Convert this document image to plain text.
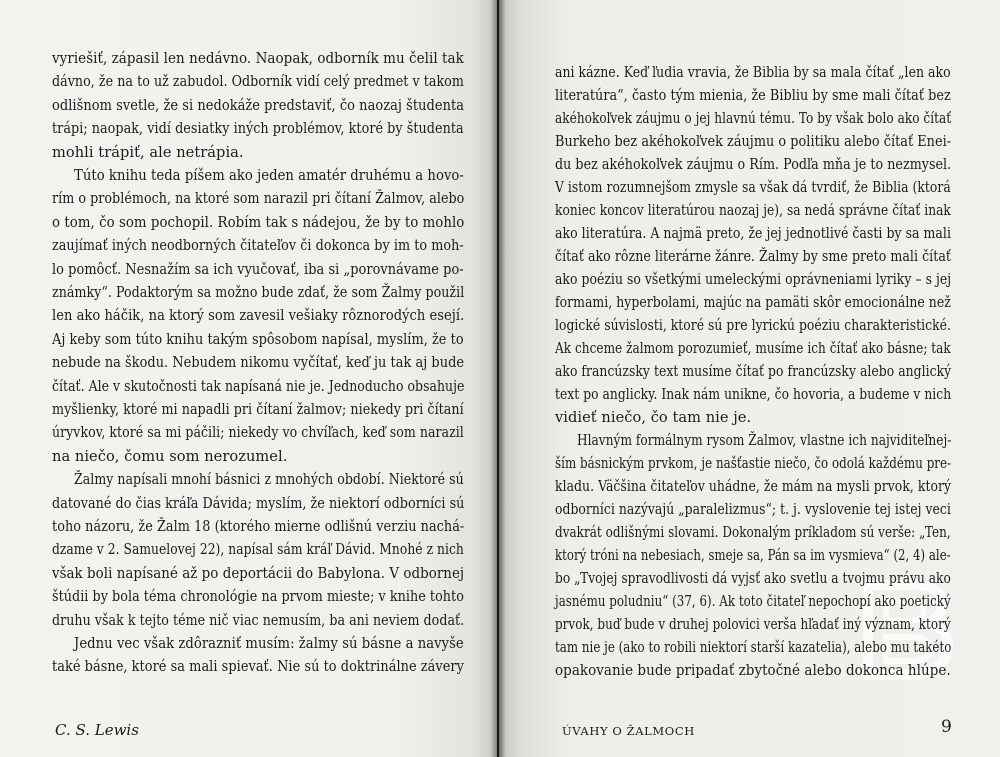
C. S. Lewis
vyriešiť, zápasil len nedávno. Naopak, odborník mu čelil tak
dávno, že na to už zabudol. Odborník vidí celý predmet v takom
odlišnom svetle, že si nedokáže predstaviť, čo naozaj študenta
trápi; naopak, vidí desiatky iných problémov, ktoré by študenta
mohli trápiť, ale netrápia.
Túto knihu teda píšem ako jeden amatér druhému a hovo-
rím o problémoch, na ktoré som narazil pri čítaní Žalmov, alebo
o tom, čo som pochopil. Robím tak s nádejou, že by to mohlo
zaujímať iných neodborných čitateľov či dokonca by im to moh-
lo pomôcť. Nesnažím sa ich vyučovať, iba si „porovnávame po-
známky“. Podaktorým sa možno bude zdať, že som Žalmy použil
len ako háčik, na ktorý som zavesil vešiaky rôznorodých esejí.
Aj keby som túto knihu takým spôsobom napísal, myslím, že to
nebude na škodu. Nebudem nikomu vyčítať, keď ju tak aj bude
čítať. Ale v skutočnosti tak napísaná nie je. Jednoducho obsahuje
myšlienky, ktoré mi napadli pri čítaní žalmov; niekedy pri čítaní
úryvkov, ktoré sa mi páčili; niekedy vo chvíľach, keď som narazil
na niečo, čomu som nerozumel.
Žalmy napísali mnohí básnici z mnohých období. Niektoré sú
datované do čias kráľa Dávida; myslím, že niektorí odborníci sú
toho názoru, že Žalm 18 (ktorého mierne odlišnú verziu nachá-
dzame v 2. Samuelovej 22), napísal sám kráľ Dávid. Mnohé z nich
však boli napísané až po deportácii do Babylona. V odbornej
štúdii by bola téma chronológie na prvom mieste; v knihe tohto
druhu však k tejto téme nič viac nemusím, ba ani neviem dodať.
Jednu vec však zdôrazniť musím: žalmy sú básne a navyše
také básne, ktoré sa mali spievať. Nie sú to doktrinálne závery
ÚVAHY O ŽALMOCH	9
ani kázne. Keď ľudia vravia, že Biblia by sa mala čítať „len ako
literatúra“, často tým mienia, že Bibliu by sme mali čítať bez
akéhokoľvek záujmu o jej hlavnú tému. To by však bolo ako čítať
Burkeho bez akéhokoľvek záujmu o politiku alebo čítať Enei-
du bez akéhokoľvek záujmu o Rím. Podľa mňa je to nezmysel.
V istom rozumnejšom zmysle sa však dá tvrdiť, že Biblia (ktorá
koniec koncov literatúrou naozaj je), sa nedá správne čítať inak
ako literatúra. A najmä preto, že jej jednotlivé časti by sa mali
čítať ako rôzne literárne žánre. Žalmy by sme preto mali čítať
ako poéziu so všetkými umeleckými oprávneniami lyriky – s jej
formami, hyperbolami, majúc na pamäti skôr emocionálne než
logické súvislosti, ktoré sú pre lyrickú poéziu charakteristické.
Ak chceme žalmom porozumieť, musíme ich čítať ako básne; tak
ako francúzsky text musíme čítať po francúzsky alebo anglický
text po anglicky. Inak nám unikne, čo hovoria, a budeme v nich
vidieť niečo, čo tam nie je.
Hlavným formálnym rysom Žalmov, vlastne ich najviditeľnej-
ším básnickým prvkom, je našťastie niečo, čo odolá každému pre-
kladu. Väčšina čitateľov uhádne, že mám na mysli prvok, ktorý
odborníci nazývajú „paralelizmus“; t. j. vyslovenie tej istej veci
dvakrát odlišnými slovami. Dokonalým príkladom sú verše: „Ten,
ktorý tróni na nebesiach, smeje sa, Pán sa im vysmieva“ (2, 4) ale-
bo „Tvojej spravodlivosti dá vyjsť ako svetlu a tvojmu právu ako
jasnému poludniu“ (37, 6). Ak toto čitateľ nepochopí ako poetický
prvok, buď bude v druhej polovici verša hľadať iný význam, ktorý
tam nie je (ako to robili niektorí starší kazatelia), alebo mu takéto
opakovanie bude pripadať zbytočné alebo dokonca hlúpe.
